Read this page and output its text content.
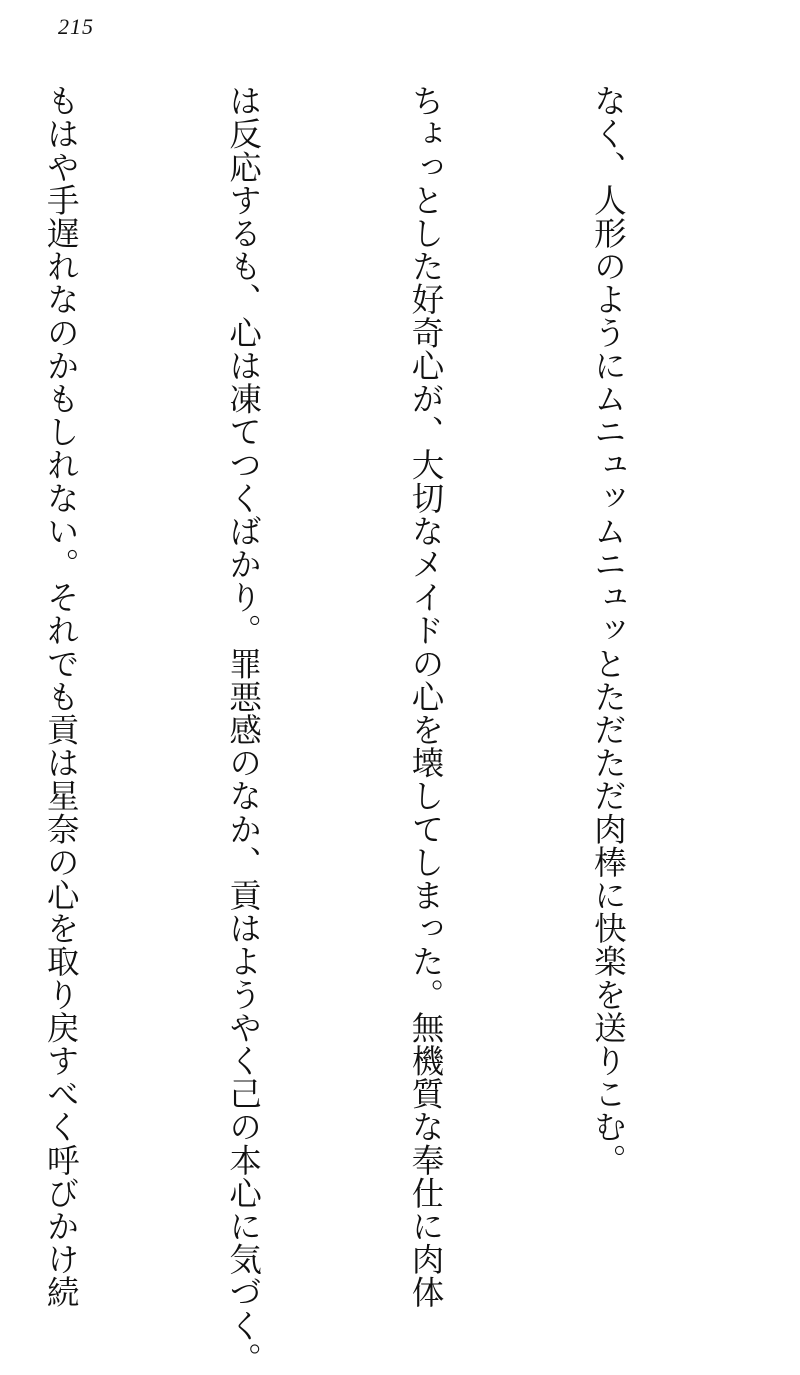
215

なく、人形のようにムニュッムニュッとただただ肉棒に快楽を送りこむ。

ちょっとした好奇心が、大切なメイドの心を壊してしまった。無機質な奉仕に肉体

は反応するも、心は凍てつくばかり。罪悪感のなか、貢はようやく己の本心に気づく。

もはや手遅れなのかもしれない。それでも貢は星奈の心を取り戻すべく呼びかけ続
